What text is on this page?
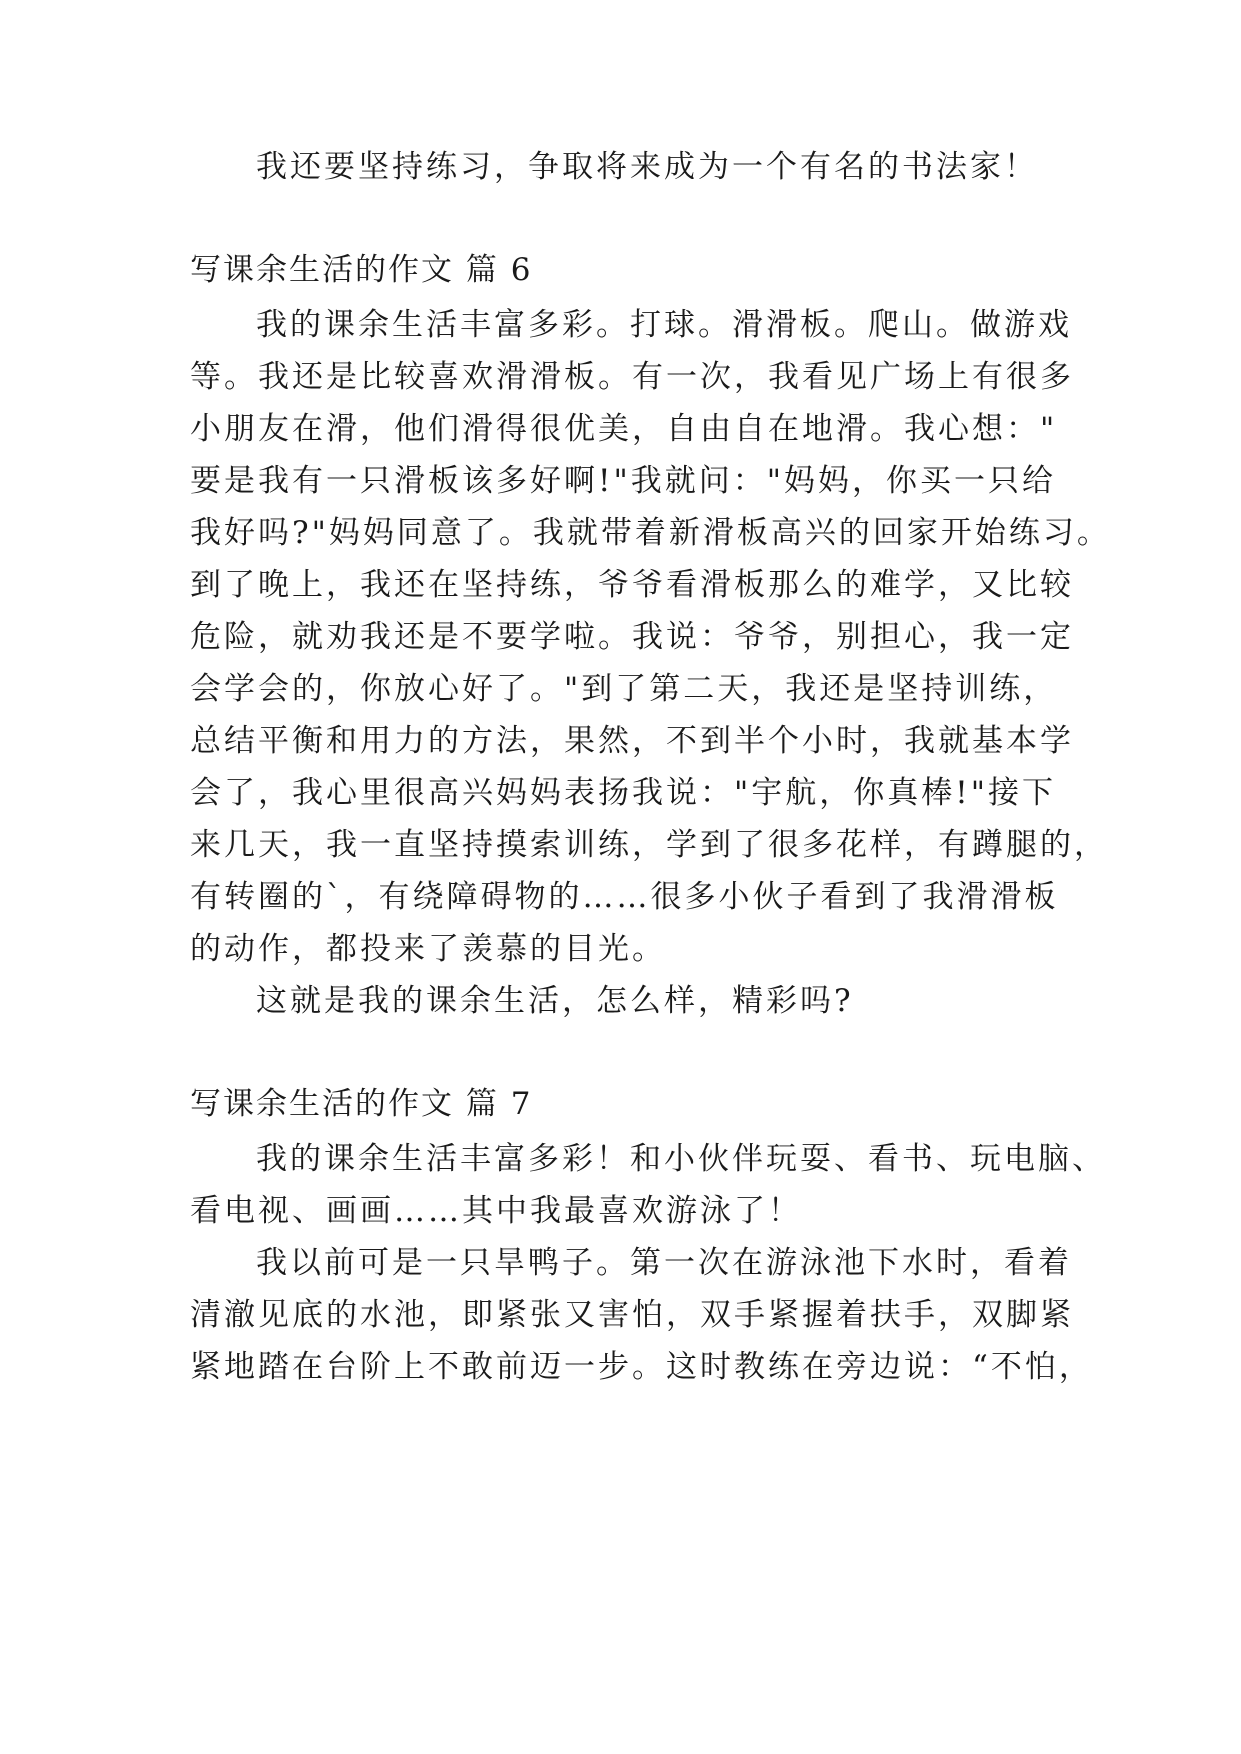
我还要坚持练习，争取将来成为一个有名的书法家！

写课余生活的作文 篇 6

我的课余生活丰富多彩。打球。滑滑板。爬山。做游戏

等。我还是比较喜欢滑滑板。有一次，我看见广场上有很多

小朋友在滑，他们滑得很优美，自由自在地滑。我心想："

要是我有一只滑板该多好啊!"我就问："妈妈，你买一只给

我好吗?"妈妈同意了。我就带着新滑板高兴的回家开始练习。

到了晚上，我还在坚持练，爷爷看滑板那么的难学，又比较

危险，就劝我还是不要学啦。我说：爷爷，别担心，我一定

会学会的，你放心好了。"到了第二天，我还是坚持训练，

总结平衡和用力的方法，果然，不到半个小时，我就基本学

会了，我心里很高兴妈妈表扬我说："宇航，你真棒!"接下

来几天，我一直坚持摸索训练，学到了很多花样，有蹲腿的，

有转圈的`，有绕障碍物的……很多小伙子看到了我滑滑板

的动作，都投来了羡慕的目光。

这就是我的课余生活，怎么样，精彩吗?

写课余生活的作文 篇 7

我的课余生活丰富多彩！和小伙伴玩耍、看书、玩电脑、

看电视、画画……其中我最喜欢游泳了！

我以前可是一只旱鸭子。第一次在游泳池下水时，看着

清澈见底的水池，即紧张又害怕，双手紧握着扶手，双脚紧

紧地踏在台阶上不敢前迈一步。这时教练在旁边说：“不怕，
